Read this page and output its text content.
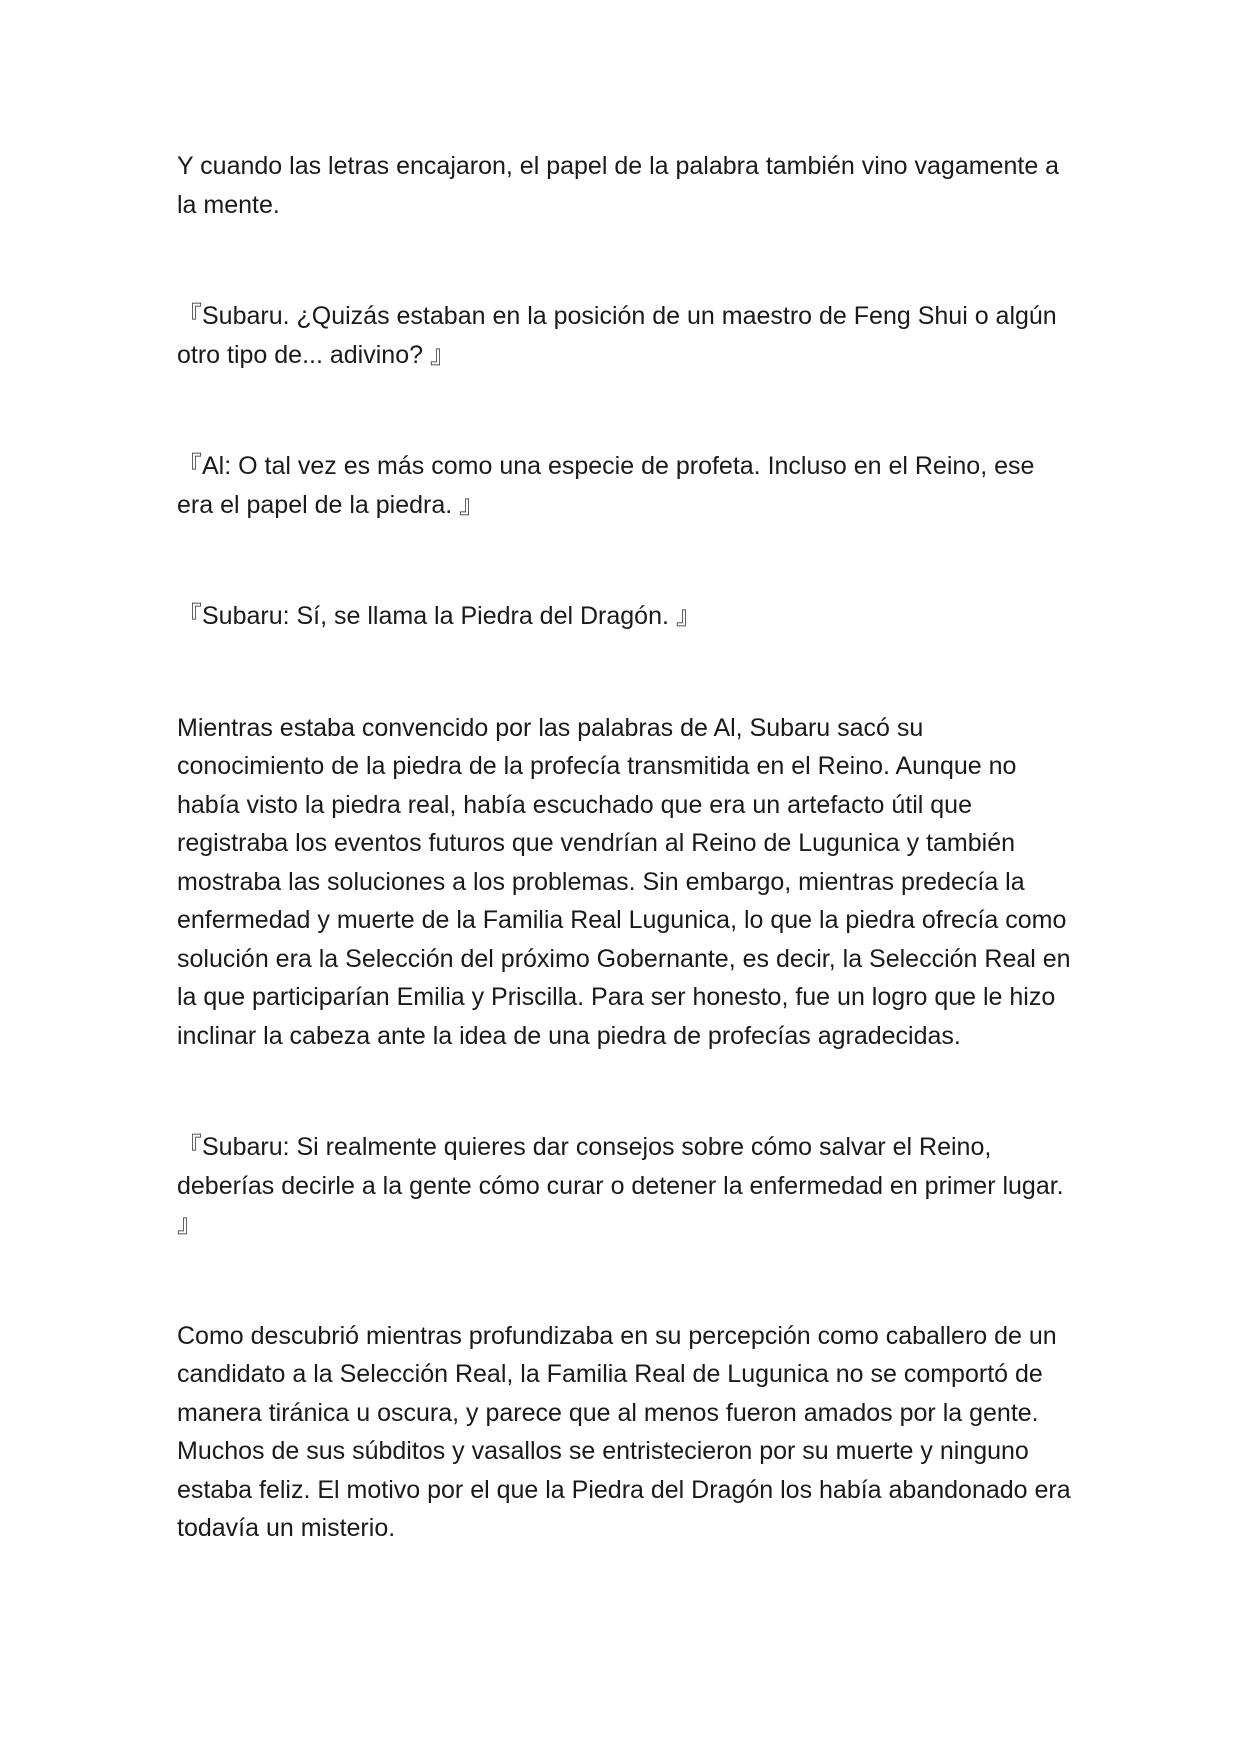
Y cuando las letras encajaron, el papel de la palabra también vino vagamente a la mente.

『Subaru. ¿Quizás estaban en la posición de un maestro de Feng Shui o algún otro tipo de... adivino? 』

『Al: O tal vez es más como una especie de profeta. Incluso en el Reino, ese era el papel de la piedra. 』

『Subaru: Sí, se llama la Piedra del Dragón. 』

Mientras estaba convencido por las palabras de Al, Subaru sacó su conocimiento de la piedra de la profecía transmitida en el Reino. Aunque no había visto la piedra real, había escuchado que era un artefacto útil que registraba los eventos futuros que vendrían al Reino de Lugunica y también mostraba las soluciones a los problemas. Sin embargo, mientras predecía la enfermedad y muerte de la Familia Real Lugunica, lo que la piedra ofrecía como solución era la Selección del próximo Gobernante, es decir, la Selección Real en la que participarían Emilia y Priscilla. Para ser honesto, fue un logro que le hizo inclinar la cabeza ante la idea de una piedra de profecías agradecidas.

『Subaru: Si realmente quieres dar consejos sobre cómo salvar el Reino, deberías decirle a la gente cómo curar o detener la enfermedad en primer lugar. 』

Como descubrió mientras profundizaba en su percepción como caballero de un candidato a la Selección Real, la Familia Real de Lugunica no se comportó de manera tiránica u oscura, y parece que al menos fueron amados por la gente. Muchos de sus súbditos y vasallos se entristecieron por su muerte y ninguno estaba feliz. El motivo por el que la Piedra del Dragón los había abandonado era todavía un misterio.
